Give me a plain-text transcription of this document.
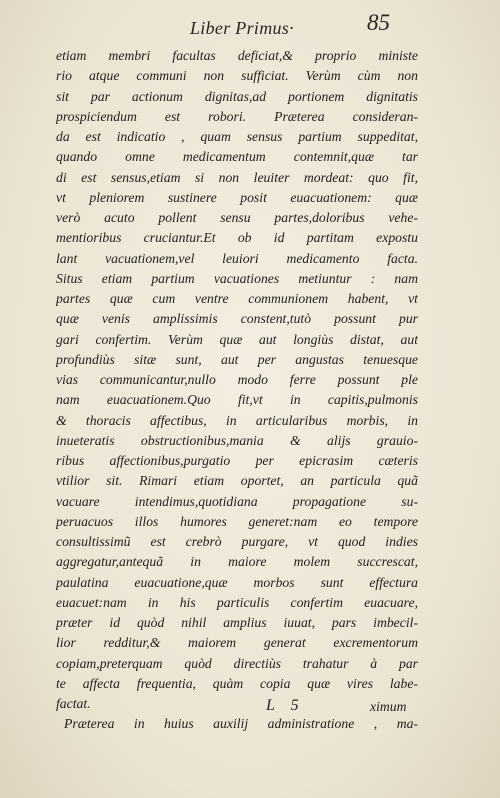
Liber Primus·	85
etiam membri facultas deficiat,& proprio ministe
rio atque communi non sufficiat. Verùm cùm non
sit par actionum dignitas,ad portionem dignitatis
prospiciendum est robori. Præterea consideran-
da est indicatio , quam sensus partium suppeditat,
quando omne medicamentum contemnit,quæ tar
di est sensus,etiam si non leuiter mordeat: quo fit,
vt pleniorem sustinere posit euacuationem: quæ
verò acuto pollent sensu partes,doloribus vehe-
mentioribus cruciantur.Et ob id partitam expostu
lant vacuationem,vel leuiori medicamento facta.
Situs etiam partium vacuationes metiuntur : nam
partes quæ cum ventre communionem habent, vt
quæ venis amplissimis constent,tutò possunt pur
gari confertim. Verùm quæ aut longiùs distat, aut
profundiùs sitæ sunt, aut per angustas tenuesque
vias communicantur,nullo modo ferre possunt ple
nam euacuationem.Quo fit,vt in capitis,pulmonis
& thoracis affectibus, in articularibus morbis, in
inueteratis obstructionibus,mania & alijs grauio-
ribus affectionibus,purgatio per epicrasim cæteris
vtilior sit. Rimari etiam oportet, an particula quã
vacuare intendimus,quotidiana propagatione su-
peruacuos illos humores generet:nam eo tempore
consultissimũ est crebrò purgare, vt quod indies
aggregatur,antequã in maiore molem succrescat,
paulatina euacuatione,quæ morbos sunt effectura
euacuet:nam in his particulis confertim euacuare,
præter id quòd nihil amplius iuuat, pars imbecil-
lior redditur,& maiorem generat excrementorum
copiam,preterquam quòd directiùs trahatur à par
te affecta frequentia, quàm copia quæ vires labe-
factat.
Præterea in huius auxilij administratione , ma-
L 5	ximum
